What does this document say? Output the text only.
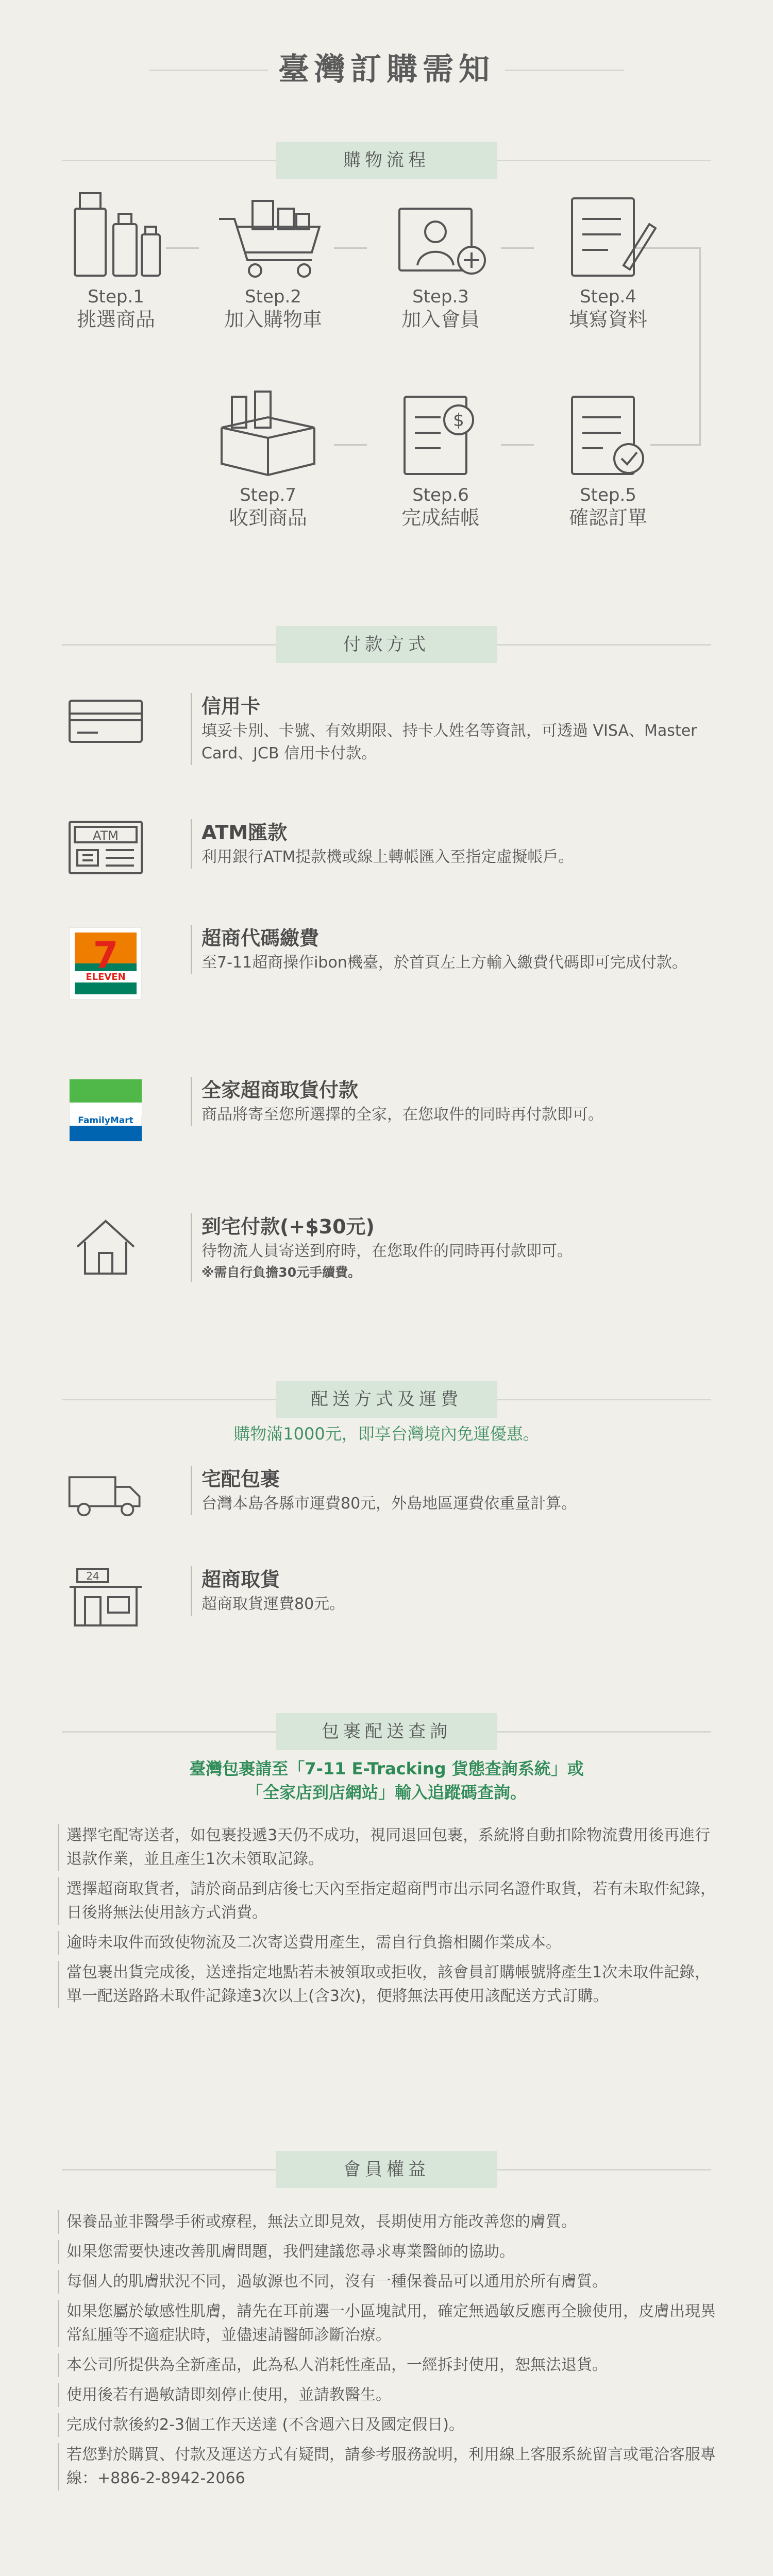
臺灣訂購需知
購物流程
Step.1
挑選商品
Step.2
加入購物車
Step.3
加入會員
Step.4
填寫資料
Step.7
收到商品
$
Step.6
完成結帳
Step.5
確認訂單
付款方式
信用卡
填妥卡別、卡號、有效期限、持卡人姓名等資訊，可透過 VISA、Master Card、JCB 信用卡付款。
ATM	ATM匯款
利用銀行ATM提款機或線上轉帳匯入至指定虛擬帳戶。
ELEVEN
7	超商代碼繳費
至7-11超商操作ibon機臺，於首頁左上方輸入繳費代碼即可完成付款。
FamilyMart
全家超商取貨付款
商品將寄至您所選擇的全家，在您取件的同時再付款即可。
到宅付款(+$30元)
待物流人員寄送到府時，在您取件的同時再付款即可。
※需自行負擔30元手續費。
配送方式及運費
購物滿1000元，即享台灣境內免運優惠。
宅配包裹
台灣本島各縣市運費80元，外島地區運費依重量計算。
24	超商取貨
超商取貨運費80元。
包裹配送查詢
臺灣包裹請至「7-11 E-Tracking 貨態查詢系統」或
「全家店到店網站」輸入追蹤碼查詢。
選擇宅配寄送者，如包裹投遞3天仍不成功，視同退回包裹，系統將自動扣除物流費用後再進行退款作業，並且產生1次未領取記錄。
選擇超商取貨者，請於商品到店後七天內至指定超商門市出示同名證件取貨，若有未取件紀錄，日後將無法使用該方式消費。
逾時未取件而致使物流及二次寄送費用產生，需自行負擔相關作業成本。
當包裹出貨完成後，送達指定地點若未被領取或拒收，該會員訂購帳號將產生1次未取件記錄，單一配送路路未取件記錄達3次以上(含3次)，便將無法再使用該配送方式訂購。
會員權益
保養品並非醫學手術或療程，無法立即見效，長期使用方能改善您的膚質。
如果您需要快速改善肌膚問題，我們建議您尋求專業醫師的協助。
每個人的肌膚狀況不同，過敏源也不同，沒有一種保養品可以通用於所有膚質。
如果您屬於敏感性肌膚，請先在耳前選一小區塊試用，確定無過敏反應再全臉使用，皮膚出現異常紅腫等不適症狀時，並儘速請醫師診斷治療。
本公司所提供為全新產品，此為私人消耗性產品，一經拆封使用，恕無法退貨。
使用後若有過敏請即刻停止使用，並請教醫生。
完成付款後約2-3個工作天送達 (不含週六日及國定假日)。
若您對於購買、付款及運送方式有疑問，請參考服務說明，利用線上客服系統留言或電洽客服專線：+886-2-8942-2066
